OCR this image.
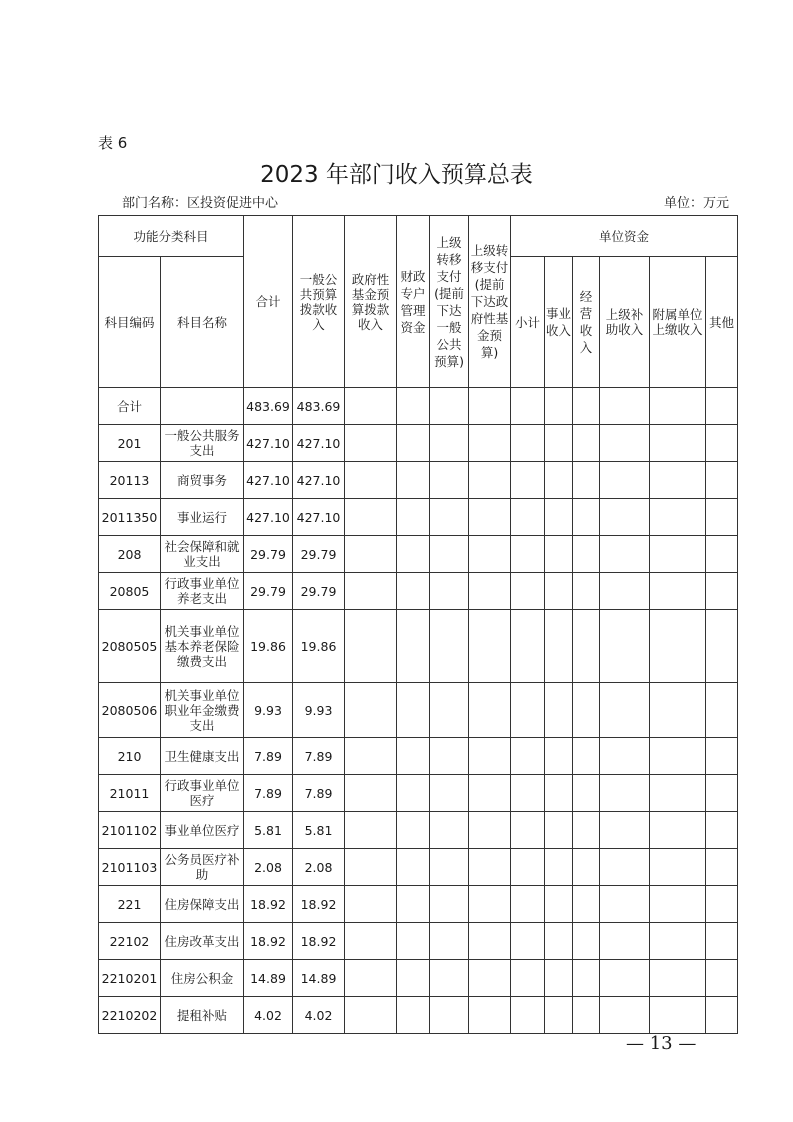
表 6
2023 年部门收入预算总表
部门名称：区投资促进中心	单位：万元
功能分类科目		合计	一般公共预算拨款收入	政府性基金预算拨款收入	财政专户管理资金	上级转移支付(提前下达一般公共预算)	上级转移支付(提前下达政府性基金预算)	单位资金					
科目编码	科目名称							小计	事业收入	经营收入	上级补助收入	附属单位上缴收入	其他
合计		483.69	483.69										
201	一般公共服务支出	427.10	427.10										
20113	商贸事务	427.10	427.10										
2011350	事业运行	427.10	427.10										
208	社会保障和就业支出	29.79	29.79										
20805	行政事业单位养老支出	29.79	29.79										
2080505	机关事业单位基本养老保险缴费支出	19.86	19.86										
2080506	机关事业单位职业年金缴费支出	9.93	9.93										
210	卫生健康支出	7.89	7.89										
21011	行政事业单位医疗	7.89	7.89										
2101102	事业单位医疗	5.81	5.81										
2101103	公务员医疗补助	2.08	2.08										
221	住房保障支出	18.92	18.92										
22102	住房改革支出	18.92	18.92										
2210201	住房公积金	14.89	14.89										
2210202	提租补贴	4.02	4.02										
— 13 —
